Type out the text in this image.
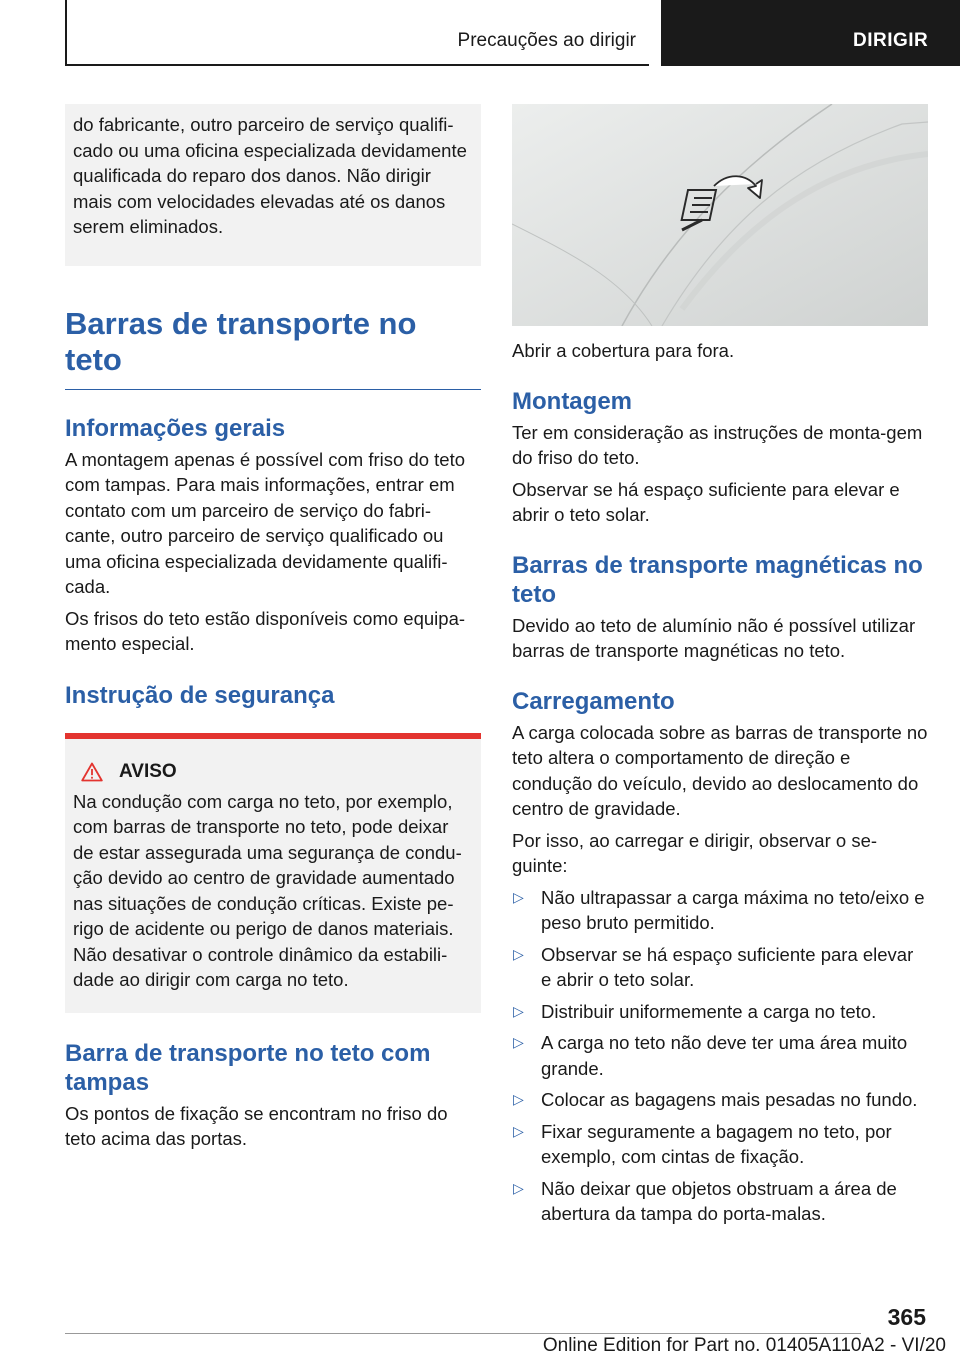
Precauções ao dirigir	DIRIGIR

do fabricante, outro parceiro de serviço qualifi-cado ou uma oficina especializada devidamente qualificada do reparo dos danos. Não dirigir mais com velocidades elevadas até os danos serem eliminados.

Barras de transporte no teto
Informações gerais

A montagem apenas é possível com friso do teto com tampas. Para mais informações, entrar em contato com um parceiro de serviço do fabri-cante, outro parceiro de serviço qualificado ou uma oficina especializada devidamente qualifi-cada.

Os frisos do teto estão disponíveis como equipa-mento especial.

Instrução de segurança
AVISO

Na condução com carga no teto, por exemplo, com barras de transporte no teto, pode deixar de estar assegurada uma segurança de condu-ção devido ao centro de gravidade aumentado nas situações de condução críticas. Existe pe-rigo de acidente ou perigo de danos materiais. Não desativar o controle dinâmico da estabili-dade ao dirigir com carga no teto.

Barra de transporte no teto com tampas

Os pontos de fixação se encontram no friso do teto acima das portas.

Abrir a cobertura para fora.

Montagem

Ter em consideração as instruções de monta-gem do friso do teto.

Observar se há espaço suficiente para elevar e abrir o teto solar.

Barras de transporte magnéticas no teto

Devido ao teto de alumínio não é possível utilizar barras de transporte magnéticas no teto.

Carregamento

A carga colocada sobre as barras de transporte no teto altera o comportamento de direção e condução do veículo, devido ao deslocamento do centro de gravidade.

Por isso, ao carregar e dirigir, observar o se-guinte:

▷ Não ultrapassar a carga máxima no teto/eixo e peso bruto permitido.
▷ Observar se há espaço suficiente para elevar e abrir o teto solar.
▷ Distribuir uniformemente a carga no teto.
▷ A carga no teto não deve ter uma área muito grande.
▷ Colocar as bagagens mais pesadas no fundo.
▷ Fixar seguramente a bagagem no teto, por exemplo, com cintas de fixação.
▷ Não deixar que objetos obstruam a área de abertura da tampa do porta-malas.
365
Online Edition for Part no. 01405A110A2 - VI/20
